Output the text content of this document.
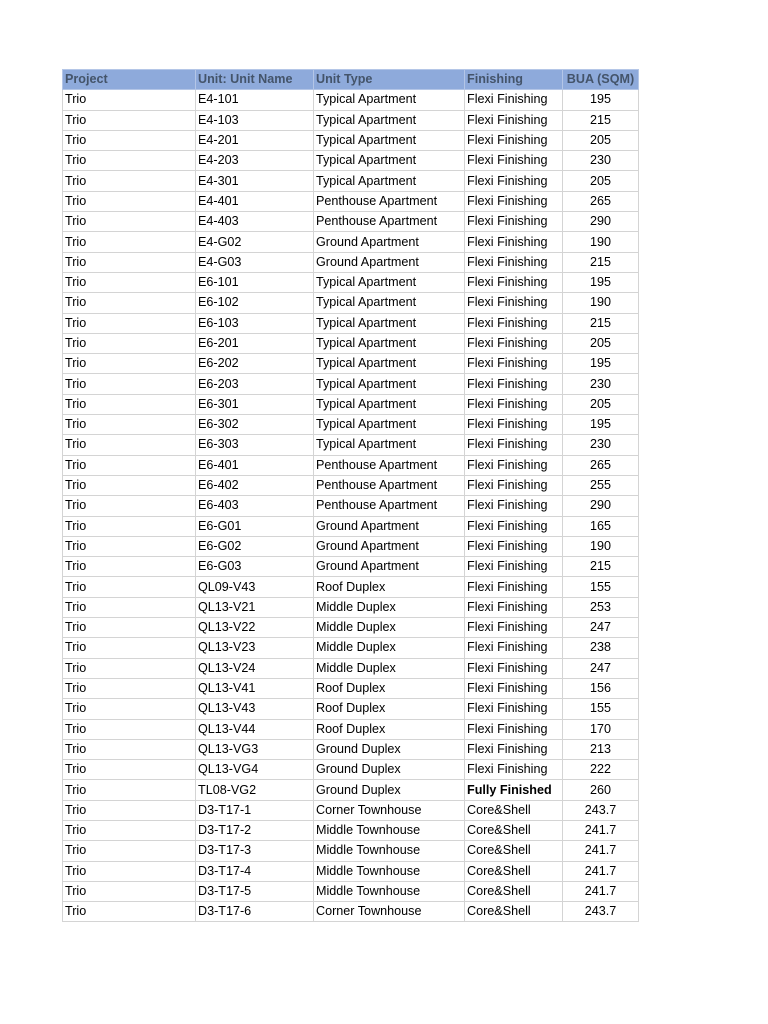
Project	Unit: Unit Name	Unit Type	Finishing	BUA (SQM)
Trio	E4-101	Typical Apartment	Flexi Finishing	195
Trio	E4-103	Typical Apartment	Flexi Finishing	215
Trio	E4-201	Typical Apartment	Flexi Finishing	205
Trio	E4-203	Typical Apartment	Flexi Finishing	230
Trio	E4-301	Typical Apartment	Flexi Finishing	205
Trio	E4-401	Penthouse Apartment	Flexi Finishing	265
Trio	E4-403	Penthouse Apartment	Flexi Finishing	290
Trio	E4-G02	Ground Apartment	Flexi Finishing	190
Trio	E4-G03	Ground Apartment	Flexi Finishing	215
Trio	E6-101	Typical Apartment	Flexi Finishing	195
Trio	E6-102	Typical Apartment	Flexi Finishing	190
Trio	E6-103	Typical Apartment	Flexi Finishing	215
Trio	E6-201	Typical Apartment	Flexi Finishing	205
Trio	E6-202	Typical Apartment	Flexi Finishing	195
Trio	E6-203	Typical Apartment	Flexi Finishing	230
Trio	E6-301	Typical Apartment	Flexi Finishing	205
Trio	E6-302	Typical Apartment	Flexi Finishing	195
Trio	E6-303	Typical Apartment	Flexi Finishing	230
Trio	E6-401	Penthouse Apartment	Flexi Finishing	265
Trio	E6-402	Penthouse Apartment	Flexi Finishing	255
Trio	E6-403	Penthouse Apartment	Flexi Finishing	290
Trio	E6-G01	Ground Apartment	Flexi Finishing	165
Trio	E6-G02	Ground Apartment	Flexi Finishing	190
Trio	E6-G03	Ground Apartment	Flexi Finishing	215
Trio	QL09-V43	Roof Duplex	Flexi Finishing	155
Trio	QL13-V21	Middle Duplex	Flexi Finishing	253
Trio	QL13-V22	Middle Duplex	Flexi Finishing	247
Trio	QL13-V23	Middle Duplex	Flexi Finishing	238
Trio	QL13-V24	Middle Duplex	Flexi Finishing	247
Trio	QL13-V41	Roof Duplex	Flexi Finishing	156
Trio	QL13-V43	Roof Duplex	Flexi Finishing	155
Trio	QL13-V44	Roof Duplex	Flexi Finishing	170
Trio	QL13-VG3	Ground Duplex	Flexi Finishing	213
Trio	QL13-VG4	Ground Duplex	Flexi Finishing	222
Trio	TL08-VG2	Ground Duplex	Fully Finished	260
Trio	D3-T17-1	Corner Townhouse	Core&Shell	243.7
Trio	D3-T17-2	Middle Townhouse	Core&Shell	241.7
Trio	D3-T17-3	Middle Townhouse	Core&Shell	241.7
Trio	D3-T17-4	Middle Townhouse	Core&Shell	241.7
Trio	D3-T17-5	Middle Townhouse	Core&Shell	241.7
Trio	D3-T17-6	Corner Townhouse	Core&Shell	243.7
